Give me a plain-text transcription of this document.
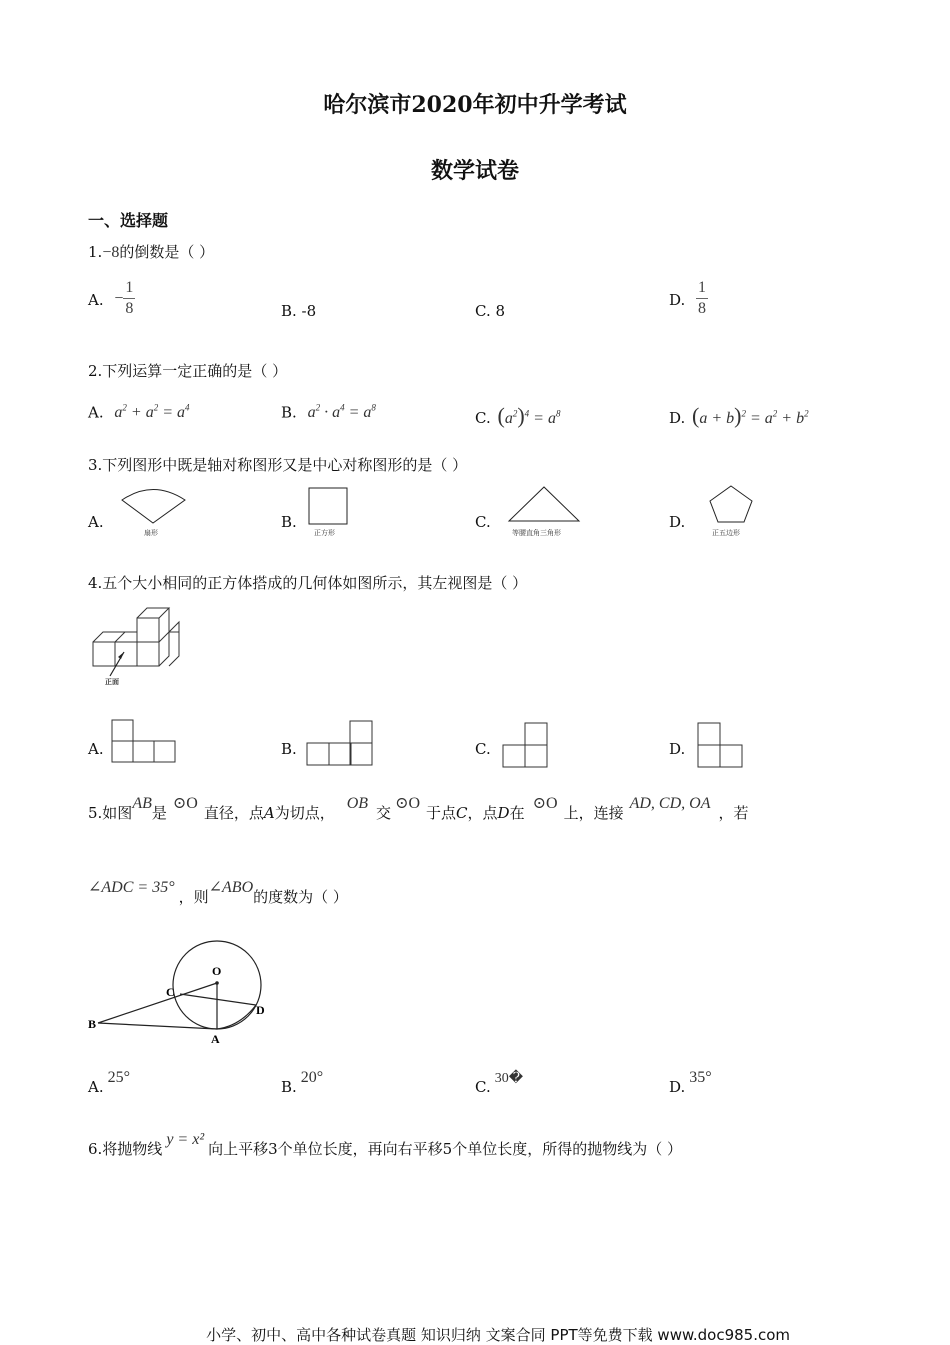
哈尔滨市2020年初中升学考试
数学试卷
一、选择题
1.−8的倒数是（ ）
A. − $\frac{1}{8}$	B. -8	C. 8
D. $\frac{1}{8}$
2.下列运算一定正确的是（ ）
A. $a^2 + a^2 = a^4$	B. $a^2 \cdot a^4 = a^8$
C. $(a^2)^4 = a^8$	D. $(a + b)^2 = a^2 + b^2$
3.下列图形中既是轴对称图形又是中心对称图形的是（ ）
A.
扇形
B.
正方形
C.
等腰直角三角形
D.
正五边形
4.五个大小相同的正方体搭成的几何体如图所示，其左视图是（ ）
正面
A.	B.	C.	D.
5.如图AB是⊙O直径，点A为切点，OB交⊙O于点C，点D在⊙O上，连接AD, CD, OA，若
∠ADC = 35°，则∠ABO的度数为（ ）
O
C
D
B
A
A.25°
B.20°
C. 30�	D.35°
6.将抛物线y = x²向上平移3个单位长度，再向右平移5个单位长度，所得的抛物线为（ ）
小学、初中、高中各种试卷真题 知识归纳 文案合同 PPT等免费下载 www.doc985.com
